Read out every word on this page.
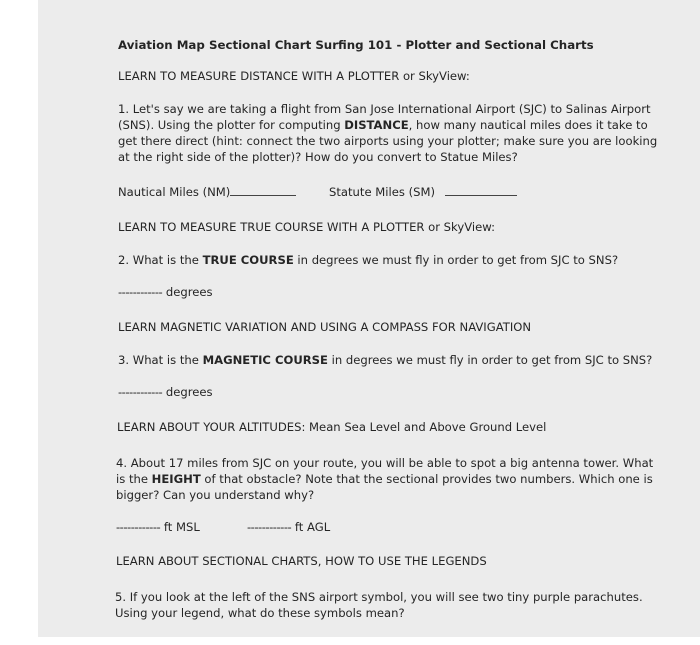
Aviation Map Sectional Chart Surfing 101 - Plotter and Sectional Charts
LEARN TO MEASURE DISTANCE WITH A PLOTTER or SkyView:
1. Let's say we are taking a flight from San Jose International Airport (SJC) to Salinas Airport (SNS). Using the plotter for computing DISTANCE, how many nautical miles does it take to get there direct (hint: connect the two airports using your plotter; make sure you are looking at the right side of the plotter)? How do you convert to Statue Miles?
Nautical Miles (NM)	Statute Miles (SM)
LEARN TO MEASURE TRUE COURSE WITH A PLOTTER or SkyView:
2. What is the TRUE COURSE in degrees we must fly in order to get from SJC to SNS?
------------ degrees
LEARN MAGNETIC VARIATION AND USING A COMPASS FOR NAVIGATION
3. What is the MAGNETIC COURSE in degrees we must fly in order to get from SJC to SNS?
------------ degrees
LEARN ABOUT YOUR ALTITUDES: Mean Sea Level and Above Ground Level
4. About 17 miles from SJC on your route, you will be able to spot a big antenna tower. What is the HEIGHT of that obstacle? Note that the sectional provides two numbers. Which one is bigger? Can you understand why?
------------ ft MSL	------------ ft AGL
LEARN ABOUT SECTIONAL CHARTS, HOW TO USE THE LEGENDS
5. If you look at the left of the SNS airport symbol, you will see two tiny purple parachutes. Using your legend, what do these symbols mean?
